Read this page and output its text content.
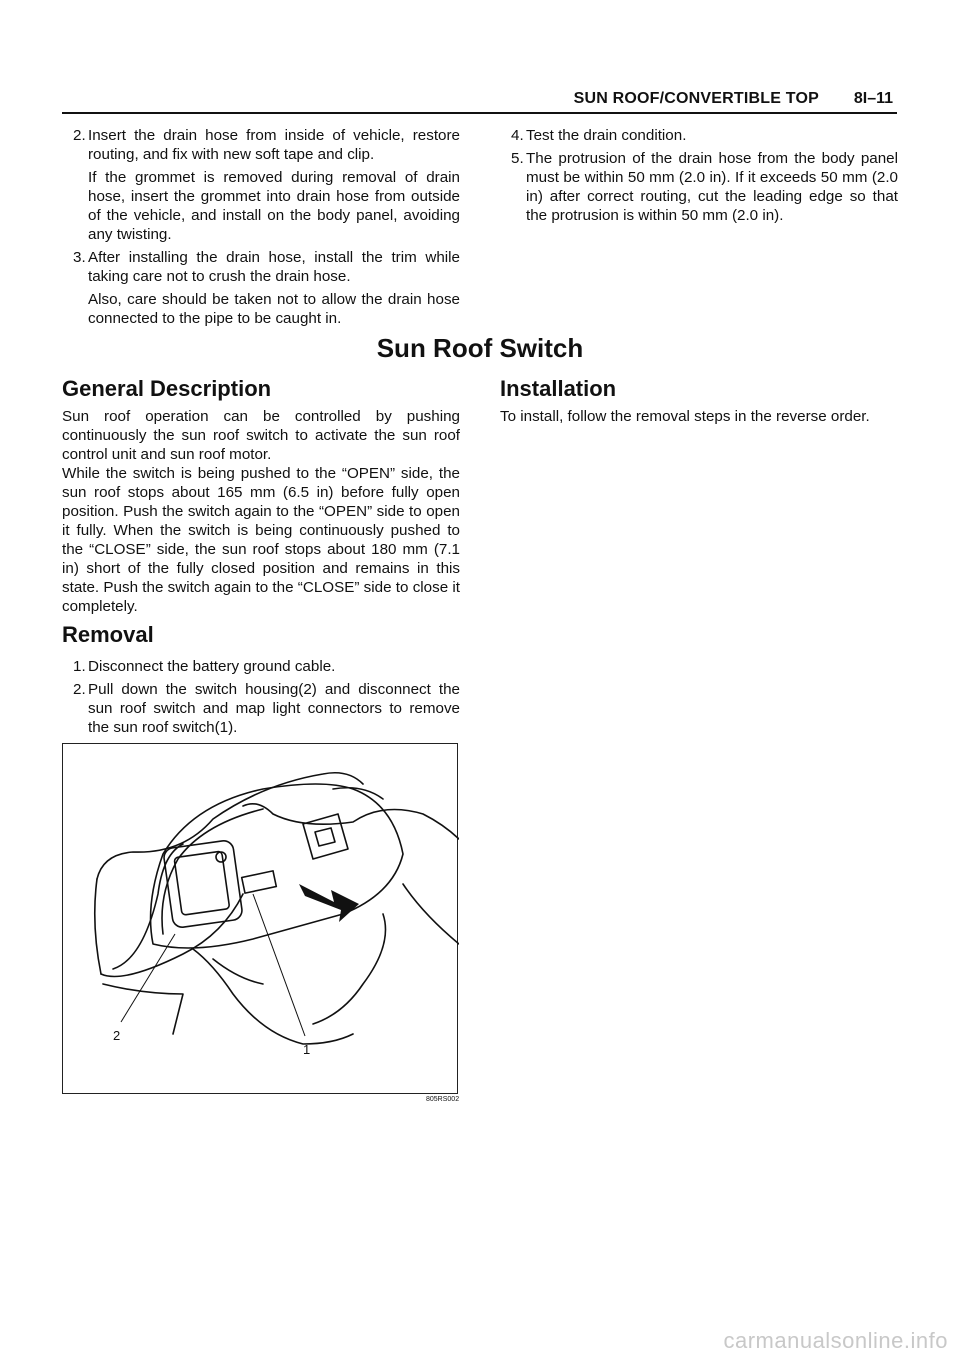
SUN ROOF/CONVERTIBLE TOP 8I–11
2. Insert the drain hose from inside of vehicle, restore routing, and fix with new soft tape and clip.

If the grommet is removed during removal of drain hose, insert the grommet into drain hose from outside of the vehicle, and install on the body panel, avoiding any twisting.

3. After installing the drain hose, install the trim while taking care not to crush the drain hose.

Also, care should be taken not to allow the drain hose connected to the pipe to be caught in.

4. Test the drain condition.

5. The protrusion of the drain hose from the body panel must be within 50 mm (2.0 in). If it exceeds 50 mm (2.0 in) after correct routing, cut the leading edge so that the protrusion is within 50 mm (2.0 in).

Sun Roof Switch
General Description

Sun roof operation can be controlled by pushing continuously the sun roof switch to activate the sun roof control unit and sun roof motor.

While the switch is being pushed to the “OPEN” side, the sun roof stops about 165 mm (6.5 in) before fully open position. Push the switch again to the “OPEN” side to open it fully. When the switch is being continuously pushed to the “CLOSE” side, the sun roof stops about 180 mm (7.1 in) short of the fully closed position and remains in this state. Push the switch again to the “CLOSE” side to close it completely.

Removal
1. Disconnect the battery ground cable.

2. Pull down the switch housing(2) and disconnect the sun roof switch and map light connectors to remove the sun roof switch(1).

Installation
To install, follow the removal steps in the reverse order.
2
1
805RS002
carmanualsonline.info
